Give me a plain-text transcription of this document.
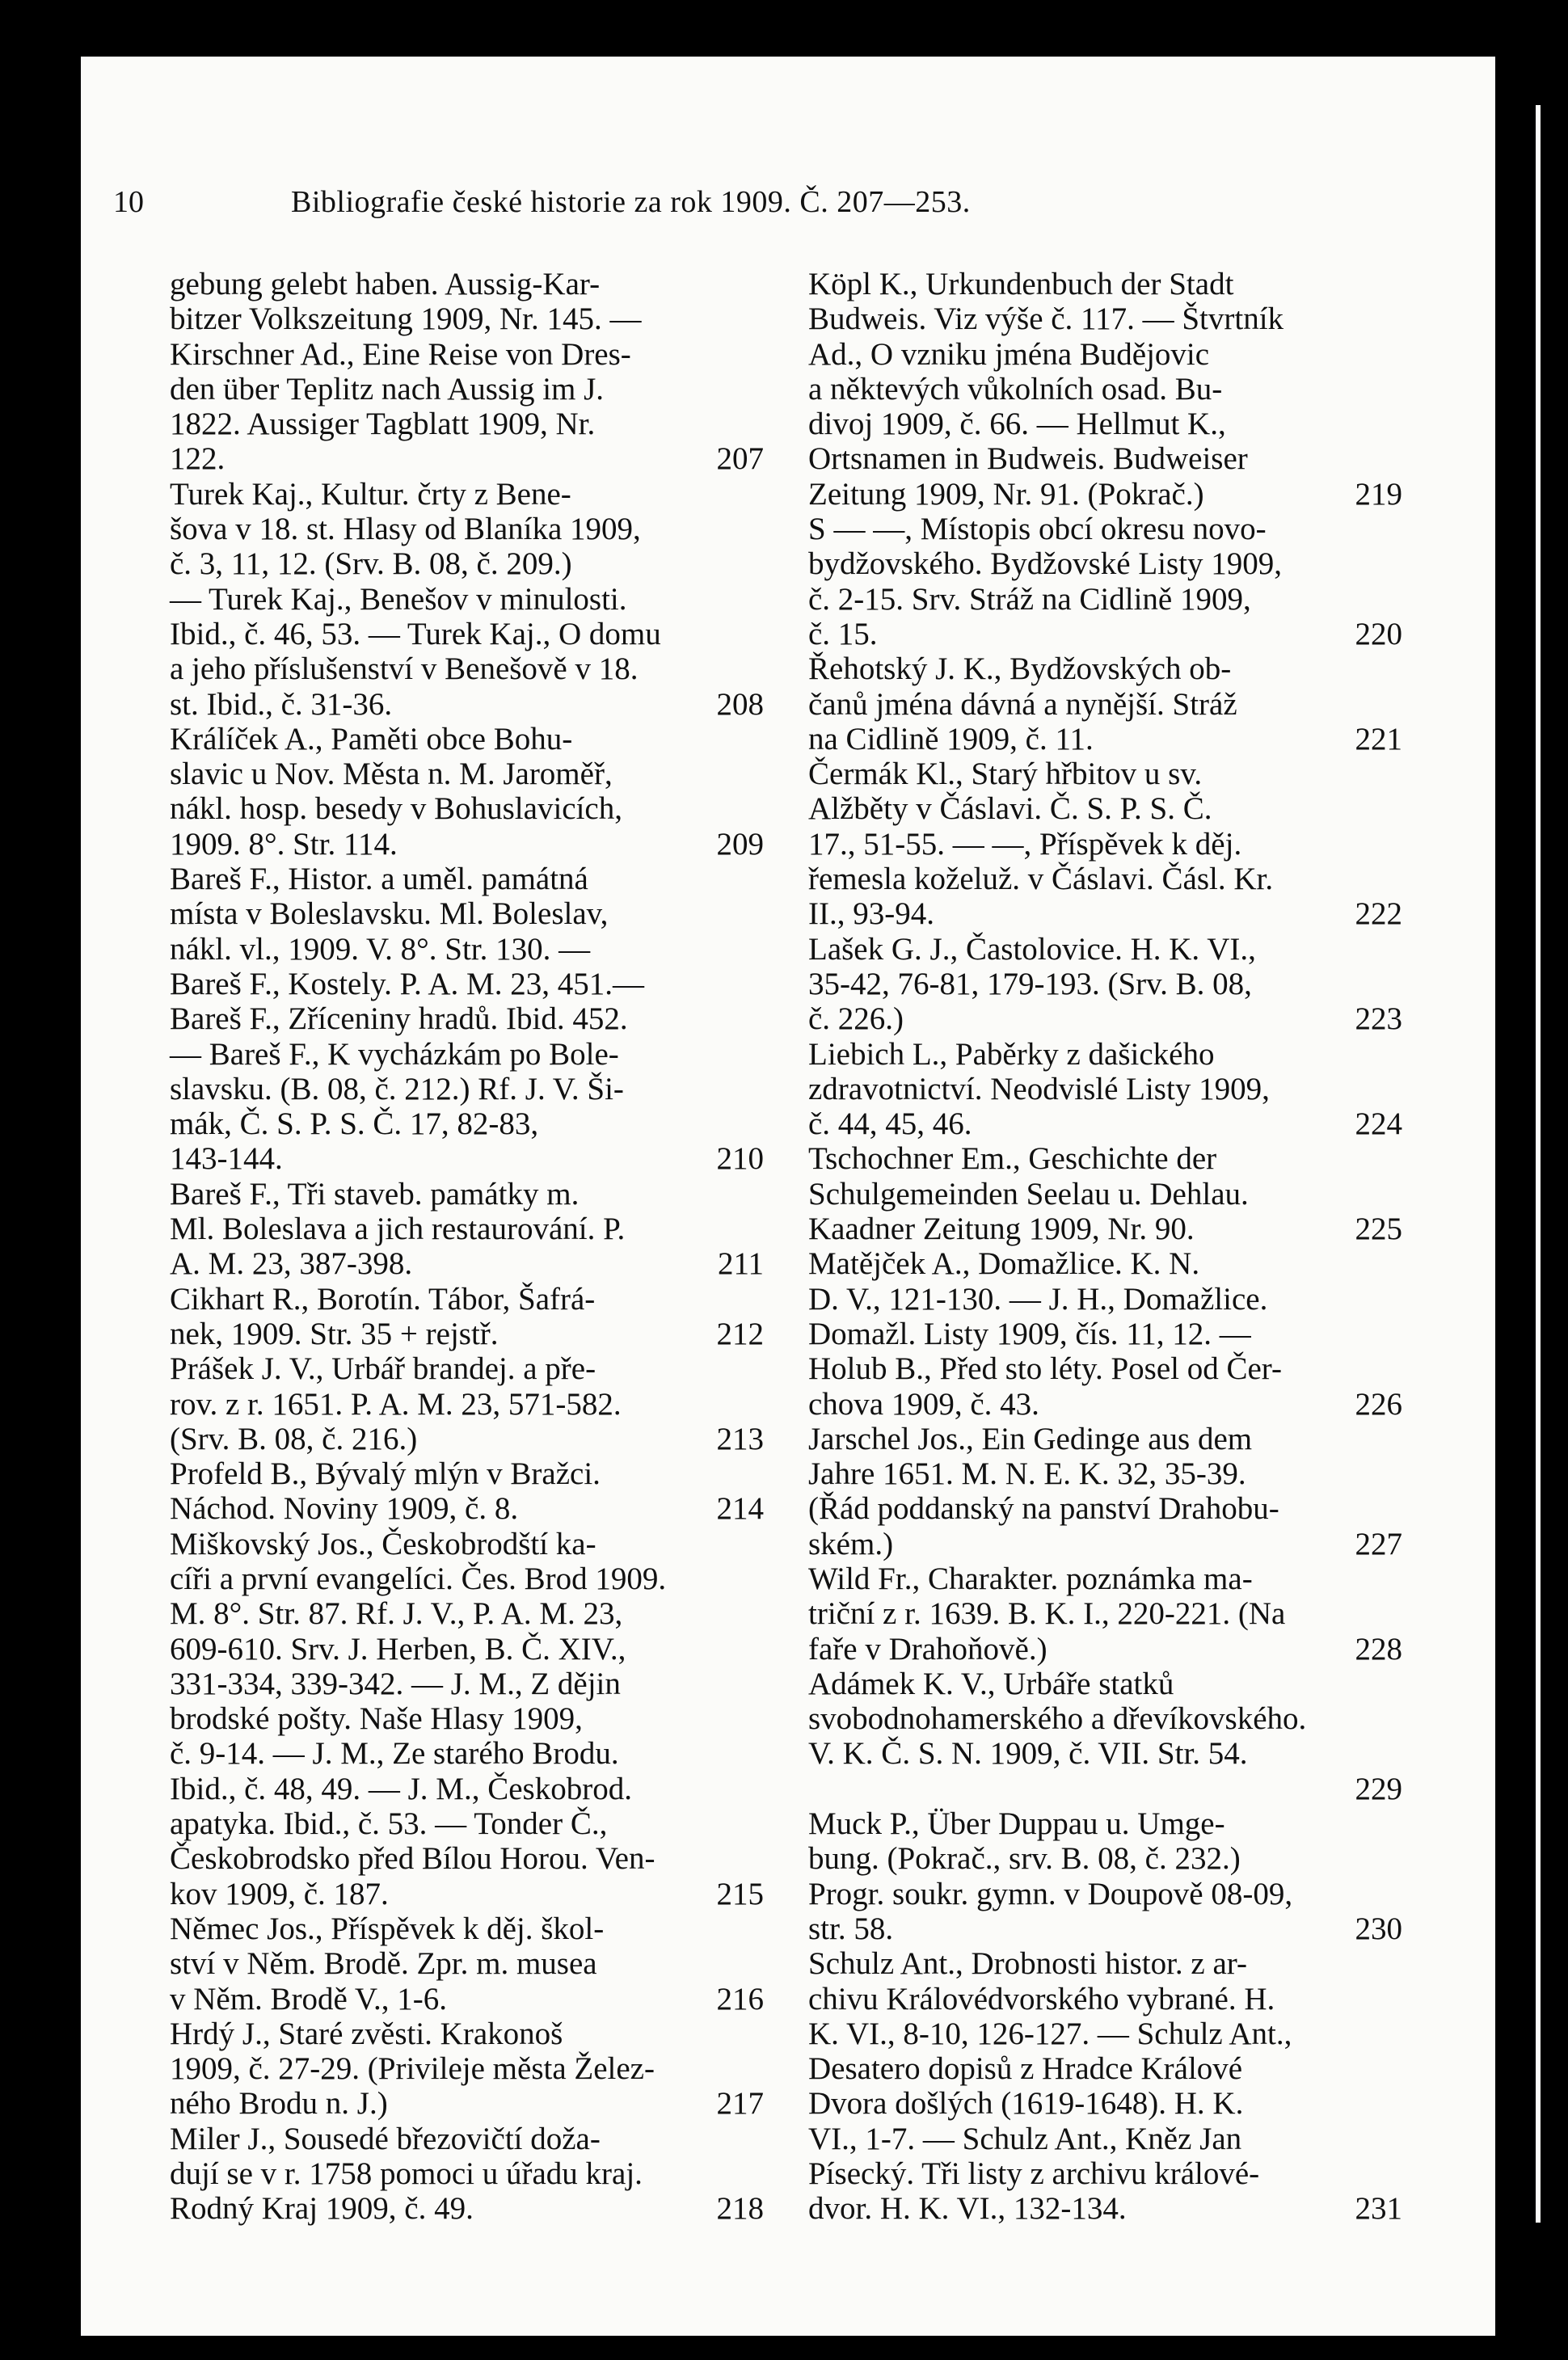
10	Bibliografie české historie za rok 1909. Č. 207—253.
gebung gelebt haben. Aussig-Kar-
bitzer Volkszeitung 1909, Nr. 145. —
Kirschner Ad., Eine Reise von Dres-
den über Teplitz nach Aussig im J.
1822. Aussiger Tagblatt 1909, Nr.
122.	207
Turek Kaj., Kultur. črty z Bene-
šova v 18. st. Hlasy od Blaníka 1909,
č. 3, 11, 12. (Srv. B. 08, č. 209.)
— Turek Kaj., Benešov v minulosti.
Ibid., č. 46, 53. — Turek Kaj., O domu
a jeho příslušenství v Benešově v 18.
st. Ibid., č. 31-36.	208
Králíček A., Paměti obce Bohu-
slavic u Nov. Města n. M. Jaroměř,
nákl. hosp. besedy v Bohuslavicích,
1909. 8°. Str. 114.	209
Bareš F., Histor. a uměl. památná
místa v Boleslavsku. Ml. Boleslav,
nákl. vl., 1909. V. 8°. Str. 130. —
Bareš F., Kostely. P. A. M. 23, 451.—
Bareš F., Zříceniny hradů. Ibid. 452.
— Bareš F., K vycházkám po Bole-
slavsku. (B. 08, č. 212.) Rf. J. V. Ši-
mák, Č. S. P. S. Č. 17, 82-83,
143-144.	210
Bareš F., Tři staveb. památky m.
Ml. Boleslava a jich restaurování. P.
A. M. 23, 387-398.	211
Cikhart R., Borotín. Tábor, Šafrá-
nek, 1909. Str. 35 + rejstř.	212
Prášek J. V., Urbář brandej. a pře-
rov. z r. 1651. P. A. M. 23, 571-582.
(Srv. B. 08, č. 216.)	213
Profeld B., Bývalý mlýn v Bražci.
Náchod. Noviny 1909, č. 8.	214
Miškovský Jos., Českobrodští ka-
cíři a první evangelíci. Čes. Brod 1909.
M. 8°. Str. 87. Rf. J. V., P. A. M. 23,
609-610. Srv. J. Herben, B. Č. XIV.,
331-334, 339-342. — J. M., Z dějin
brodské pošty. Naše Hlasy 1909,
č. 9-14. — J. M., Ze starého Brodu.
Ibid., č. 48, 49. — J. M., Českobrod.
apatyka. Ibid., č. 53. — Tonder Č.,
Českobrodsko před Bílou Horou. Ven-
kov 1909, č. 187.	215
Němec Jos., Příspěvek k děj. škol-
ství v Něm. Brodě. Zpr. m. musea
v Něm. Brodě V., 1-6.	216
Hrdý J., Staré zvěsti. Krakonoš
1909, č. 27-29. (Privileje města Želez-
ného Brodu n. J.)	217
Miler J., Sousedé březovičtí doža-
dují se v r. 1758 pomoci u úřadu kraj.
Rodný Kraj 1909, č. 49.	218
Köpl K., Urkundenbuch der Stadt
Budweis. Viz výše č. 117. — Štvrtník
Ad., O vzniku jména Budějovic
a něktevých vůkolních osad. Bu-
divoj 1909, č. 66. — Hellmut K.,
Ortsnamen in Budweis. Budweiser
Zeitung 1909, Nr. 91. (Pokrač.)	219
S — —, Místopis obcí okresu novo-
bydžovského. Bydžovské Listy 1909,
č. 2-15. Srv. Stráž na Cidlině 1909,
č. 15.	220
Řehotský J. K., Bydžovských ob-
čanů jména dávná a nynější. Stráž
na Cidlině 1909, č. 11.	221
Čermák Kl., Starý hřbitov u sv.
Alžběty v Čáslavi. Č. S. P. S. Č.
17., 51-55. — —, Příspěvek k děj.
řemesla koželuž. v Čáslavi. Čásl. Kr.
II., 93-94.	222
Lašek G. J., Častolovice. H. K. VI.,
35-42, 76-81, 179-193. (Srv. B. 08,
č. 226.)	223
Liebich L., Paběrky z dašického
zdravotnictví. Neodvislé Listy 1909,
č. 44, 45, 46.	224
Tschochner Em., Geschichte der
Schulgemeinden Seelau u. Dehlau.
Kaadner Zeitung 1909, Nr. 90.	225
Matějček A., Domažlice. K. N.
D. V., 121-130. — J. H., Domažlice.
Domažl. Listy 1909, čís. 11, 12. —
Holub B., Před sto léty. Posel od Čer-
chova 1909, č. 43.	226
Jarschel Jos., Ein Gedinge aus dem
Jahre 1651. M. N. E. K. 32, 35-39.
(Řád poddanský na panství Drahobu-
ském.)	227
Wild Fr., Charakter. poznámka ma-
triční z r. 1639. B. K. I., 220-221. (Na
faře v Drahoňově.)	228
Adámek K. V., Urbáře statků
svobodnohamerského a dřevíkovského.
V. K. Č. S. N. 1909, č. VII. Str. 54.
229
Muck P., Über Duppau u. Umge-
bung. (Pokrač., srv. B. 08, č. 232.)
Progr. soukr. gymn. v Doupově 08-09,
str. 58.	230
Schulz Ant., Drobnosti histor. z ar-
chivu Královédvorského vybrané. H.
K. VI., 8-10, 126-127. — Schulz Ant.,
Desatero dopisů z Hradce Králové
Dvora došlých (1619-1648). H. K.
VI., 1-7. — Schulz Ant., Kněz Jan
Písecký. Tři listy z archivu králové-
dvor. H. K. VI., 132-134.	231
